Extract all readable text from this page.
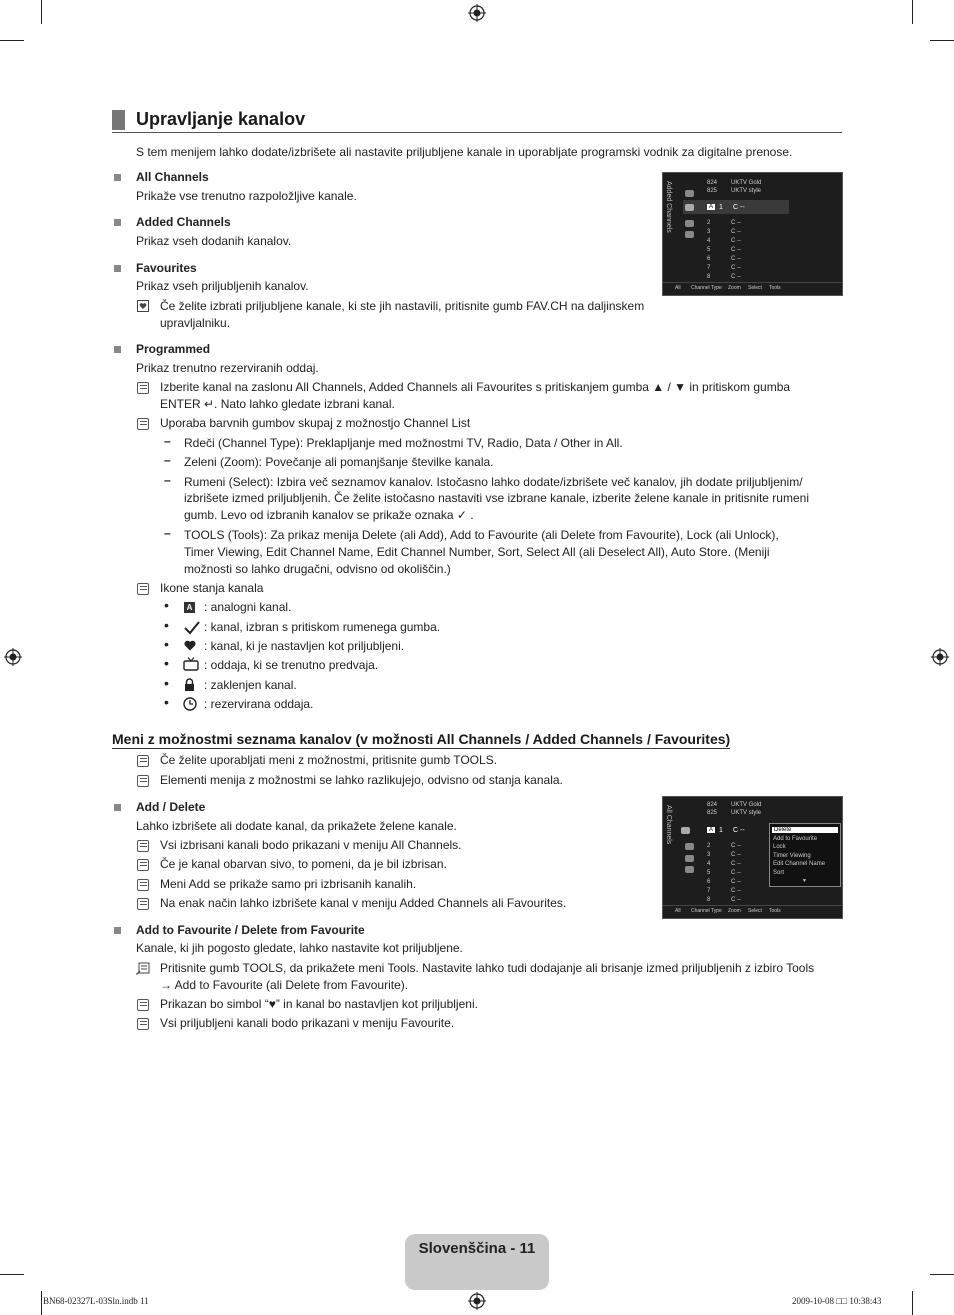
Upravljanje kanalov
S tem menijem lahko dodate/izbrišete ali nastavite priljubljene kanale in uporabljate programski vodnik za digitalne prenose.
All Channels
Prikaže vse trenutno razpoložljive kanale.
Added Channels
Prikaz vseh dodanih kanalov.
Favourites
Prikaz vseh priljubljenih kanalov.
Če želite izbrati priljubljene kanale, ki ste jih nastavili, pritisnite gumb FAV.CH na daljinskem
upravljalniku.
Programmed
Prikaz trenutno rezerviranih oddaj.
Izberite kanal na zaslonu All Channels, Added Channels ali Favourites s pritiskanjem gumba ▲ / ▼ in pritiskom gumba
ENTER ↵. Nato lahko gledate izbrani kanal.
Uporaba barvnih gumbov skupaj z možnostjo Channel List
– Rdeči (Channel Type): Preklapljanje med možnostmi TV, Radio, Data / Other in All.
– Zeleni (Zoom): Povečanje ali pomanjšanje številke kanala.
– Rumeni (Select): Izbira več seznamov kanalov. Istočasno lahko dodate/izbrišete več kanalov, jih dodate priljubljenim/
izbrišete izmed priljubljenih. Če želite istočasno nastaviti vse izbrane kanale, izberite želene kanale in pritisnite rumeni
gumb. Levo od izbranih kanalov se prikaže oznaka ✓ .
– TOOLS (Tools): Za prikaz menija Delete (ali Add), Add to Favourite (ali Delete from Favourite), Lock (ali Unlock),
Timer Viewing, Edit Channel Name, Edit Channel Number, Sort, Select All (ali Deselect All), Auto Store. (Meniji
možnosti so lahko drugačni, odvisno od okoliščin.)
Ikone stanja kanala
•	A : analogni kanal.
•	: kanal, izbran s pritiskom rumenega gumba.
•	: kanal, ki je nastavljen kot priljubljeni.
•	: oddaja, ki se trenutno predvaja.
•	: zaklenjen kanal.
•	: rezervirana oddaja.
Added Channels	824 UKTV Gold
825 UKTV style
A 1 C --
2	C --
3	C --
4	C --
5	C --
6	C --
7	C --
8	C --
All Channel Type Zoom Select Tools
Meni z možnostmi seznama kanalov (v možnosti All Channels / Added Channels / Favourites)
Če želite uporabljati meni z možnostmi, pritisnite gumb TOOLS.
Elementi menija z možnostmi se lahko razlikujejo, odvisno od stanja kanala.
Add / Delete
Lahko izbrišete ali dodate kanal, da prikažete želene kanale.
Vsi izbrisani kanali bodo prikazani v meniju All Channels.
Če je kanal obarvan sivo, to pomeni, da je bil izbrisan.
Meni Add se prikaže samo pri izbrisanih kanalih.
Na enak način lahko izbrišete kanal v meniju Added Channels ali Favourites.
Add to Favourite / Delete from Favourite
Kanale, ki jih pogosto gledate, lahko nastavite kot priljubljene.
Pritisnite gumb TOOLS, da prikažete meni Tools. Nastavite lahko tudi dodajanje ali brisanje izmed priljubljenih z izbiro Tools
→ Add to Favourite (ali Delete from Favourite).
Prikazan bo simbol “♥” in kanal bo nastavljen kot priljubljeni.
Vsi priljubljeni kanali bodo prikazani v meniju Favourite.
All Channels	824 UKTV Gold
825 UKTV style
A 1 C --
2	C --
3	C --
4	C --
5	C --
6	C --
7	C --
8	C --
Delete
Add to Favourite
Lock
Timer Viewing
Edit Channel Name
Sort
▼
All Channel Type Zoom Select Tools
Slovenščina - 11
BN68-02327L-03Sln.indb 11	2009-10-08 □□ 10:38:43
